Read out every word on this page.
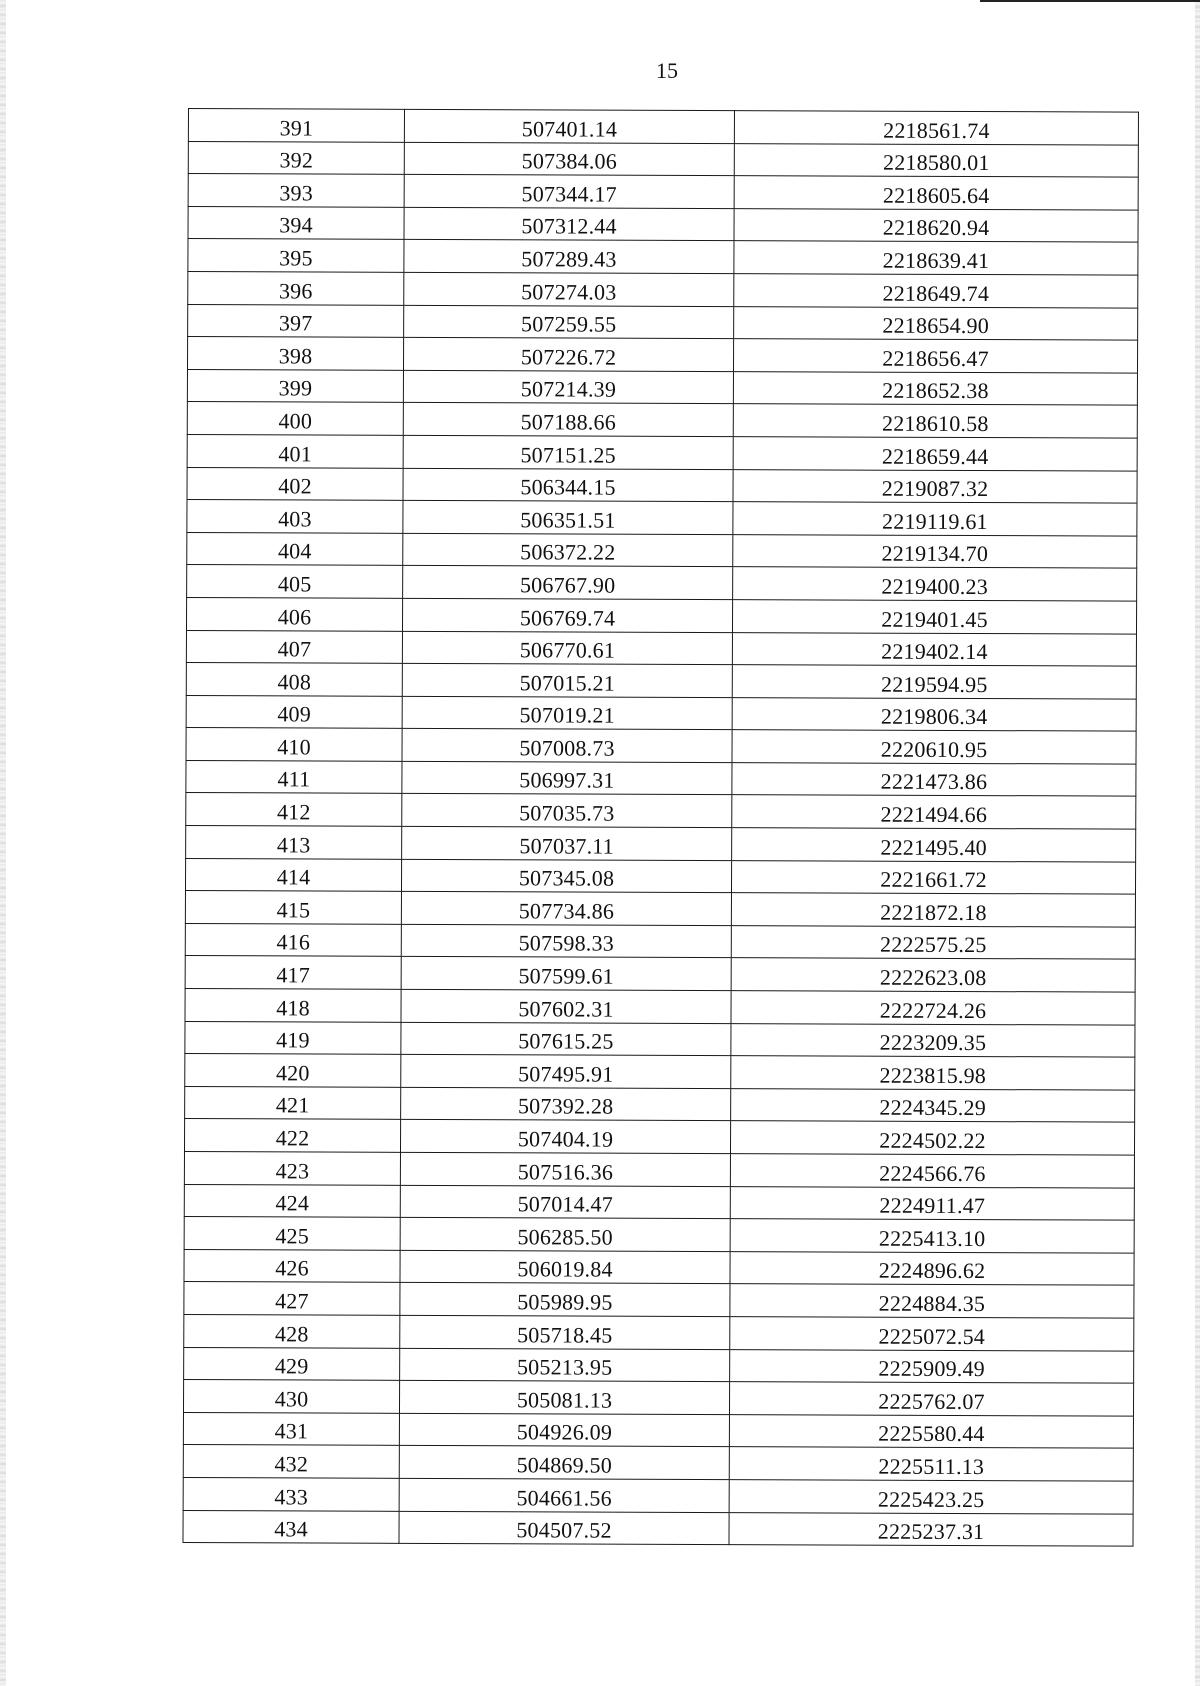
15
391	507401.14	2218561.74
392	507384.06	2218580.01
393	507344.17	2218605.64
394	507312.44	2218620.94
395	507289.43	2218639.41
396	507274.03	2218649.74
397	507259.55	2218654.90
398	507226.72	2218656.47
399	507214.39	2218652.38
400	507188.66	2218610.58
401	507151.25	2218659.44
402	506344.15	2219087.32
403	506351.51	2219119.61
404	506372.22	2219134.70
405	506767.90	2219400.23
406	506769.74	2219401.45
407	506770.61	2219402.14
408	507015.21	2219594.95
409	507019.21	2219806.34
410	507008.73	2220610.95
411	506997.31	2221473.86
412	507035.73	2221494.66
413	507037.11	2221495.40
414	507345.08	2221661.72
415	507734.86	2221872.18
416	507598.33	2222575.25
417	507599.61	2222623.08
418	507602.31	2222724.26
419	507615.25	2223209.35
420	507495.91	2223815.98
421	507392.28	2224345.29
422	507404.19	2224502.22
423	507516.36	2224566.76
424	507014.47	2224911.47
425	506285.50	2225413.10
426	506019.84	2224896.62
427	505989.95	2224884.35
428	505718.45	2225072.54
429	505213.95	2225909.49
430	505081.13	2225762.07
431	504926.09	2225580.44
432	504869.50	2225511.13
433	504661.56	2225423.25
434	504507.52	2225237.31
